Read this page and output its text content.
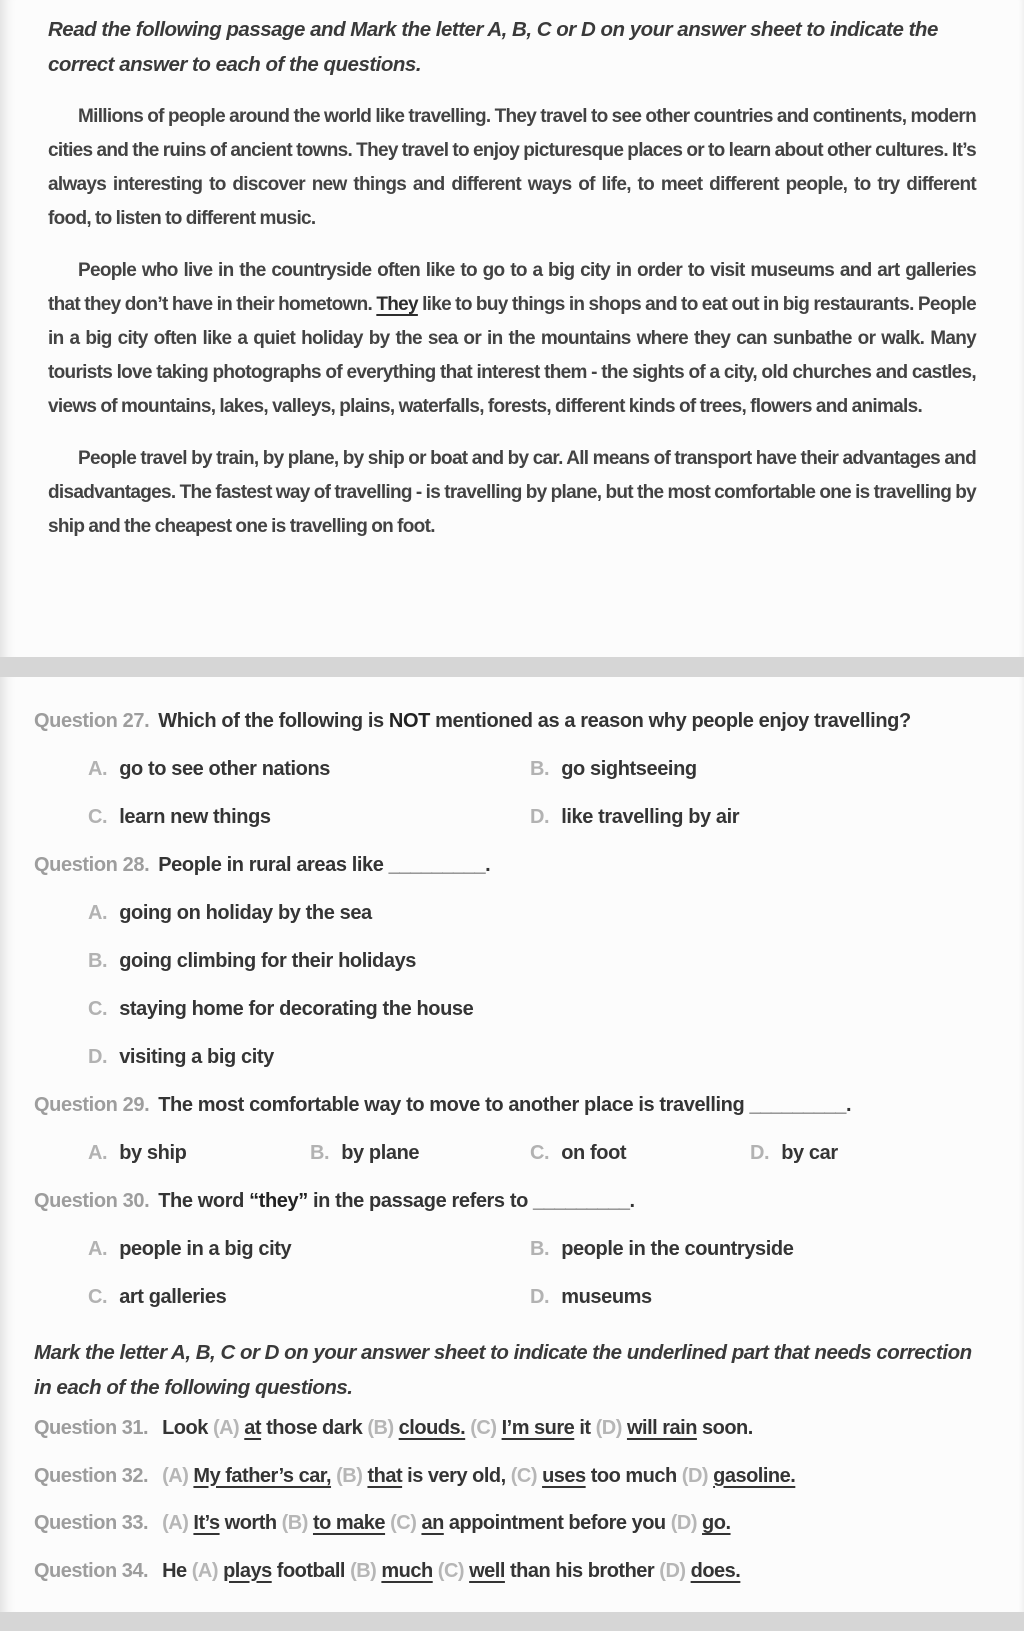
Read the following passage and Mark the letter A, B, C or D on your answer sheet to indicate the correct answer to each of the questions.

Millions of people around the world like travelling. They travel to see other countries and continents, modern cities and the ruins of ancient towns. They travel to enjoy picturesque places or to learn about other cultures. It’s always interesting to discover new things and different ways of life, to meet different people, to try different food, to listen to different music.

People who live in the countryside often like to go to a big city in order to visit museums and art galleries that they don’t have in their hometown. They like to buy things in shops and to eat out in big restaurants. People in a big city often like a quiet holiday by the sea or in the mountains where they can sunbathe or walk. Many tourists love taking photographs of everything that interest them - the sights of a city, old churches and castles, views of mountains, lakes, valleys, plains, waterfalls, forests, different kinds of trees, flowers and animals.

People travel by train, by plane, by ship or boat and by car. All means of transport have their advantages and disadvantages. The fastest way of travelling - is travelling by plane, but the most comfortable one is travelling by ship and the cheapest one is travelling on foot.

Question 27. Which of the following is NOT mentioned as a reason why people enjoy travelling?
A. go to see other nations	B. go sightseeing
C. learn new things	D. like travelling by air
Question 28. People in rural areas like _________.
A. going on holiday by the sea
B. going climbing for their holidays
C. staying home for decorating the house
D. visiting a big city
Question 29. The most comfortable way to move to another place is travelling _________.
A. by ship	B. by plane	C. on foot	D. by car
Question 30. The word “they” in the passage refers to _________.
A. people in a big city	B. people in the countryside
C. art galleries	D. museums
Mark the letter A, B, C or D on your answer sheet to indicate the underlined part that needs correction in each of the following questions.
Question 31. Look (A) at those dark (B) clouds. (C) I’m sure it (D) will rain soon.
Question 32. (A) My father’s car, (B) that is very old, (C) uses too much (D) gasoline.
Question 33. (A) It’s worth (B) to make (C) an appointment before you (D) go.
Question 34. He (A) plays football (B) much (C) well than his brother (D) does.
